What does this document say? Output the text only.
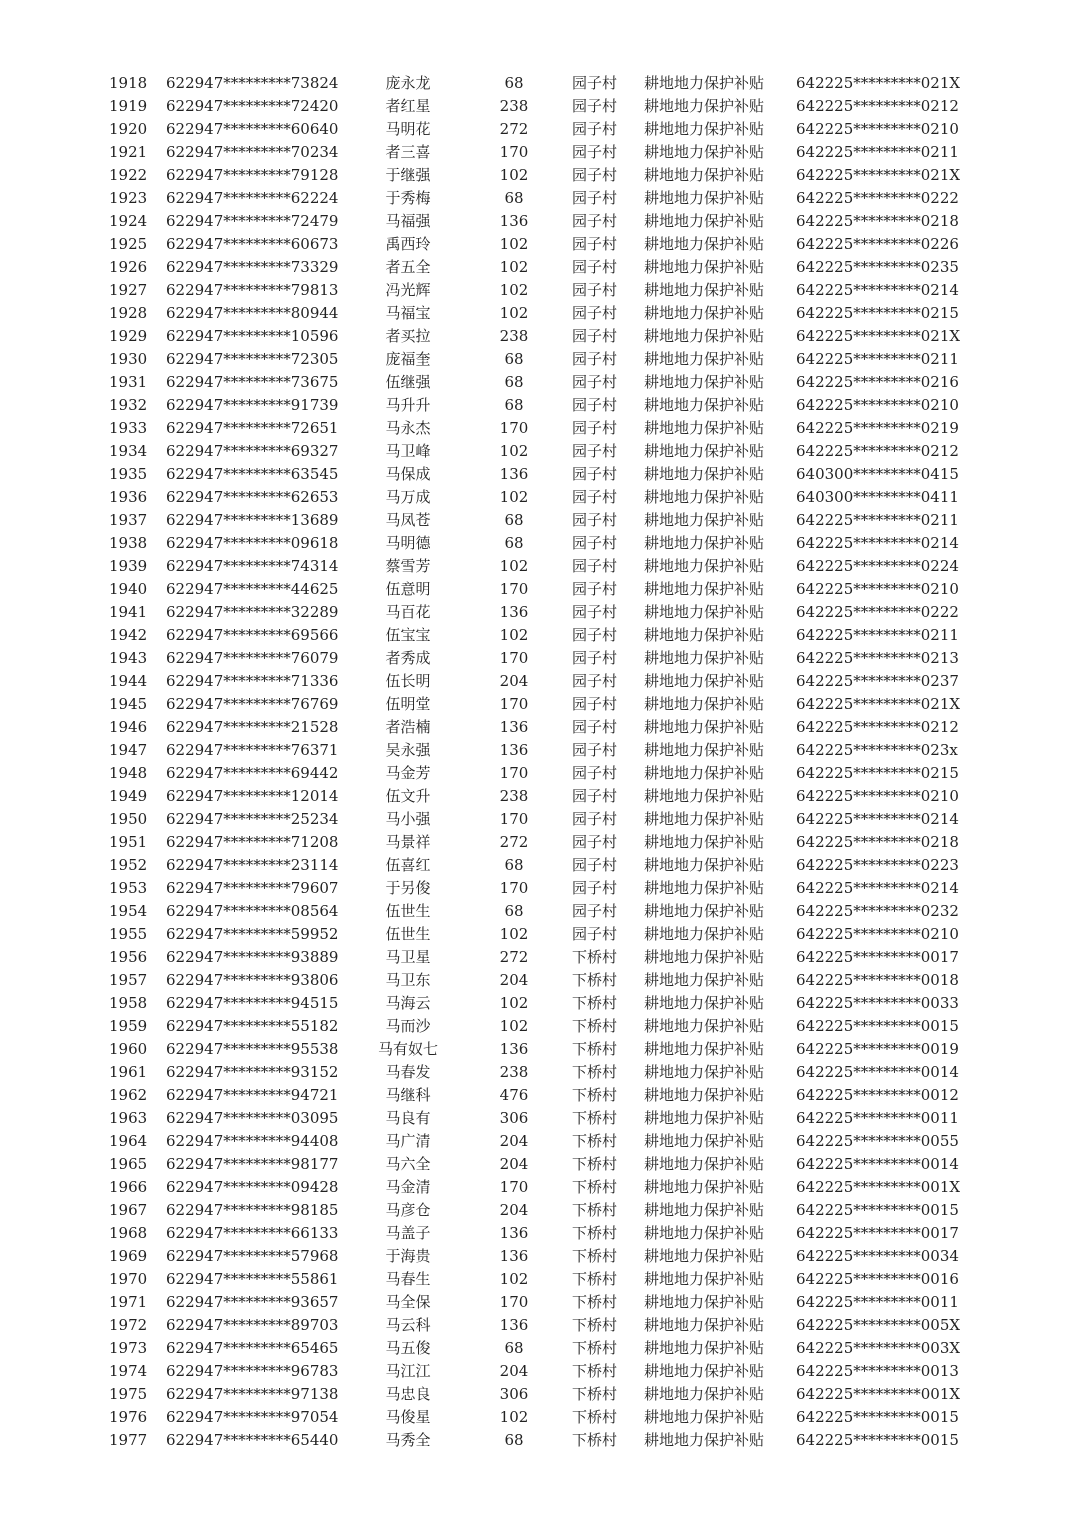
1918 622947*********73824	庞永龙	68	园子村 耕地地力保护补贴 642225*********021X
1919 622947*********72420	者红星	238	园子村 耕地地力保护补贴 642225*********0212
1920 622947*********60640	马明花	272	园子村 耕地地力保护补贴 642225*********0210
1921 622947*********70234	者三喜	170	园子村 耕地地力保护补贴 642225*********0211
1922 622947*********79128	于继强	102	园子村 耕地地力保护补贴 642225*********021X
1923 622947*********62224	于秀梅	68	园子村 耕地地力保护补贴 642225*********0222
1924 622947*********72479	马福强	136	园子村 耕地地力保护补贴 642225*********0218
1925 622947*********60673	禹西玲	102	园子村 耕地地力保护补贴 642225*********0226
1926 622947*********73329	者五全	102	园子村 耕地地力保护补贴 642225*********0235
1927 622947*********79813	冯光辉	102	园子村 耕地地力保护补贴 642225*********0214
1928 622947*********80944	马福宝	102	园子村 耕地地力保护补贴 642225*********0215
1929 622947*********10596	者买拉	238	园子村 耕地地力保护补贴 642225*********021X
1930 622947*********72305	庞福奎	68	园子村 耕地地力保护补贴 642225*********0211
1931 622947*********73675	伍继强	68	园子村 耕地地力保护补贴 642225*********0216
1932 622947*********91739	马升升	68	园子村 耕地地力保护补贴 642225*********0210
1933 622947*********72651	马永杰	170	园子村 耕地地力保护补贴 642225*********0219
1934 622947*********69327	马卫峰	102	园子村 耕地地力保护补贴 642225*********0212
1935 622947*********63545	马保成	136	园子村 耕地地力保护补贴 640300*********0415
1936 622947*********62653	马万成	102	园子村 耕地地力保护补贴 640300*********0411
1937 622947*********13689	马凤苍	68	园子村 耕地地力保护补贴 642225*********0211
1938 622947*********09618	马明德	68	园子村 耕地地力保护补贴 642225*********0214
1939 622947*********74314	蔡雪芳	102	园子村 耕地地力保护补贴 642225*********0224
1940 622947*********44625	伍意明	170	园子村 耕地地力保护补贴 642225*********0210
1941 622947*********32289	马百花	136	园子村 耕地地力保护补贴 642225*********0222
1942 622947*********69566	伍宝宝	102	园子村 耕地地力保护补贴 642225*********0211
1943 622947*********76079	者秀成	170	园子村 耕地地力保护补贴 642225*********0213
1944 622947*********71336	伍长明	204	园子村 耕地地力保护补贴 642225*********0237
1945 622947*********76769	伍明堂	170	园子村 耕地地力保护补贴 642225*********021X
1946 622947*********21528	者浩楠	136	园子村 耕地地力保护补贴 642225*********0212
1947 622947*********76371	吴永强	136	园子村 耕地地力保护补贴 642225*********023x
1948 622947*********69442	马金芳	170	园子村 耕地地力保护补贴 642225*********0215
1949 622947*********12014	伍文升	238	园子村 耕地地力保护补贴 642225*********0210
1950 622947*********25234	马小强	170	园子村 耕地地力保护补贴 642225*********0214
1951 622947*********71208	马景祥	272	园子村 耕地地力保护补贴 642225*********0218
1952 622947*********23114	伍喜红	68	园子村 耕地地力保护补贴 642225*********0223
1953 622947*********79607	于另俊	170	园子村 耕地地力保护补贴 642225*********0214
1954 622947*********08564	伍世生	68	园子村 耕地地力保护补贴 642225*********0232
1955 622947*********59952	伍世生	102	园子村 耕地地力保护补贴 642225*********0210
1956 622947*********93889	马卫星	272	下桥村 耕地地力保护补贴 642225*********0017
1957 622947*********93806	马卫东	204	下桥村 耕地地力保护补贴 642225*********0018
1958 622947*********94515	马海云	102	下桥村 耕地地力保护补贴 642225*********0033
1959 622947*********55182	马而沙	102	下桥村 耕地地力保护补贴 642225*********0015
1960 622947*********95538	马有奴七	136	下桥村 耕地地力保护补贴 642225*********0019
1961 622947*********93152	马春发	238	下桥村 耕地地力保护补贴 642225*********0014
1962 622947*********94721	马继科	476	下桥村 耕地地力保护补贴 642225*********0012
1963 622947*********03095	马良有	306	下桥村 耕地地力保护补贴 642225*********0011
1964 622947*********94408	马广清	204	下桥村 耕地地力保护补贴 642225*********0055
1965 622947*********98177	马六全	204	下桥村 耕地地力保护补贴 642225*********0014
1966 622947*********09428	马金清	170	下桥村 耕地地力保护补贴 642225*********001X
1967 622947*********98185	马彦仓	204	下桥村 耕地地力保护补贴 642225*********0015
1968 622947*********66133	马盖子	136	下桥村 耕地地力保护补贴 642225*********0017
1969 622947*********57968	于海贵	136	下桥村 耕地地力保护补贴 642225*********0034
1970 622947*********55861	马春生	102	下桥村 耕地地力保护补贴 642225*********0016
1971 622947*********93657	马全保	170	下桥村 耕地地力保护补贴 642225*********0011
1972 622947*********89703	马云科	136	下桥村 耕地地力保护补贴 642225*********005X
1973 622947*********65465	马五俊	68	下桥村 耕地地力保护补贴 642225*********003X
1974 622947*********96783	马江江	204	下桥村 耕地地力保护补贴 642225*********0013
1975 622947*********97138	马忠良	306	下桥村 耕地地力保护补贴 642225*********001X
1976 622947*********97054	马俊星	102	下桥村 耕地地力保护补贴 642225*********0015
1977 622947*********65440	马秀全	68	下桥村 耕地地力保护补贴 642225*********0015
